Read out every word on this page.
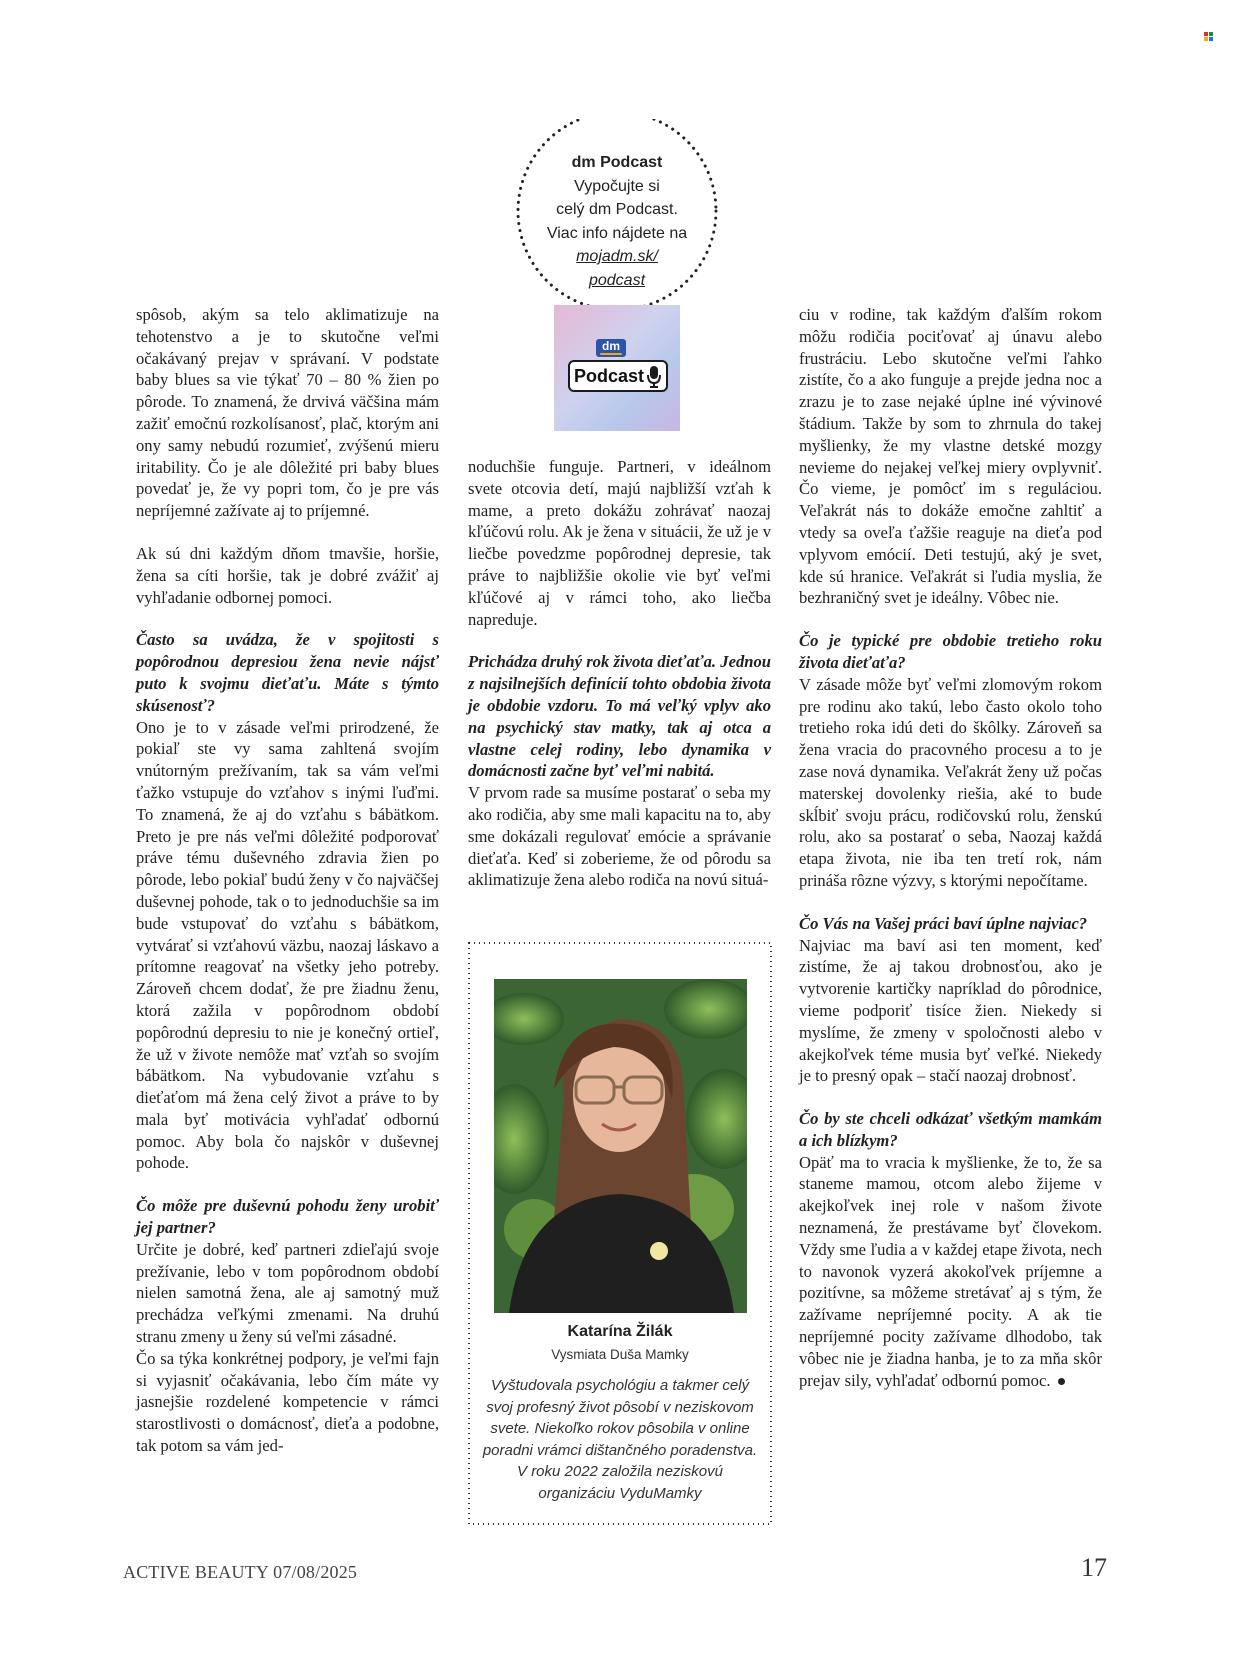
dm Podcast
Vypočujte si
celý dm Podcast.
Viac info nájdete na
mojadm.sk/
podcast
dm
Podcast

spôsob, akým sa telo aklimatizuje na tehotenstvo a je to skutočne veľmi očakávaný prejav v správaní. V podstate baby blues sa vie týkať 70 – 80 % žien po pôrode. To znamená, že drvivá väčšina mám zažiť emočnú rozkolísanosť, plač, ktorým ani ony samy nebudú rozumieť, zvýšenú mieru iritability. Čo je ale dôležité pri baby blues povedať je, že vy popri tom, čo je pre vás nepríjemné zažívate aj to príjemné.

Ak sú dni každým dňom tmavšie, horšie, žena sa cíti horšie, tak je dobré zvážiť aj vyhľadanie odbornej pomoci.

Často sa uvádza, že v spojitosti s popôrodnou depresiou žena nevie nájsť puto k svojmu dieťaťu. Máte s týmto skúsenosť?

Ono je to v zásade veľmi prirodzené, že pokiaľ ste vy sama zahltená svojím vnútorným prežívaním, tak sa vám veľmi ťažko vstupuje do vzťahov s inými ľuďmi. To znamená, že aj do vzťahu s bábätkom. Preto je pre nás veľmi dôležité podporovať práve tému duševného zdravia žien po pôrode, lebo pokiaľ budú ženy v čo najväčšej duševnej pohode, tak o to jednoduchšie sa im bude vstupovať do vzťahu s bábätkom, vytvárať si vzťahovú väzbu, naozaj láskavo a prítomne reagovať na všetky jeho potreby. Zároveň chcem dodať, že pre žiadnu ženu, ktorá zažila v popôrodnom období popôrodnú depresiu to nie je konečný ortieľ, že už v živote nemôže mať vzťah so svojím bábätkom. Na vybudovanie vzťahu s dieťaťom má žena celý život a práve to by mala byť motivácia vyhľadať odbornú pomoc. Aby bola čo najskôr v duševnej pohode.

Čo môže pre duševnú pohodu ženy urobiť jej partner?

Určite je dobré, keď partneri zdieľajú svoje prežívanie, lebo v tom popôrodnom období nielen samotná žena, ale aj samotný muž prechádza veľkými zmenami. Na druhú stranu zmeny u ženy sú veľmi zásadné.

Čo sa týka konkrétnej podpory, je veľmi fajn si vyjasniť očakávania, lebo čím máte vy jasnejšie rozdelené kompetencie v rámci starostlivosti o domácnosť, dieťa a podobne, tak potom sa vám jed-

noduchšie funguje. Partneri, v ideálnom svete otcovia detí, majú najbližší vzťah k mame, a preto dokážu zohrávať naozaj kľúčovú rolu. Ak je žena v situácii, že už je v liečbe povedzme popôrodnej depresie, tak práve to najbližšie okolie vie byť veľmi kľúčové aj v rámci toho, ako liečba napreduje.

Prichádza druhý rok života dieťaťa. Jednou z najsilnejších definícií tohto obdobia života je obdobie vzdoru. To má veľký vplyv ako na psychický stav matky, tak aj otca a vlastne celej rodiny, lebo dynamika v domácnosti začne byť veľmi nabitá.

V prvom rade sa musíme postarať o seba my ako rodičia, aby sme mali kapacitu na to, aby sme dokázali regulovať emócie a správanie dieťaťa. Keď si zoberieme, že od pôrodu sa aklimatizuje žena alebo rodiča na novú situá-

ciu v rodine, tak každým ďalším rokom môžu rodičia pociťovať aj únavu alebo frustráciu. Lebo skutočne veľmi ľahko zistíte, čo a ako funguje a prejde jedna noc a zrazu je to zase nejaké úplne iné vývinové štádium. Takže by som to zhrnula do takej myšlienky, že my vlastne detské mozgy nevieme do nejakej veľkej miery ovplyvniť. Čo vieme, je pomôcť im s reguláciou. Veľakrát nás to dokáže emočne zahltiť a vtedy sa oveľa ťažšie reaguje na dieťa pod vplyvom emócií. Deti testujú, aký je svet, kde sú hranice. Veľakrát si ľudia myslia, že bezhraničný svet je ideálny. Vôbec nie.

Čo je typické pre obdobie tretieho roku života dieťaťa?

V zásade môže byť veľmi zlomovým rokom pre rodinu ako takú, lebo často okolo toho tretieho roka idú deti do škôlky. Zároveň sa žena vracia do pracovného procesu a to je zase nová dynamika. Veľakrát ženy už počas materskej dovolenky riešia, aké to bude skĺbiť svoju prácu, rodičovskú rolu, ženskú rolu, ako sa postarať o seba, Naozaj každá etapa života, nie iba ten tretí rok, nám prináša rôzne výzvy, s ktorými nepočítame.

Čo Vás na Vašej práci baví úplne najviac?

Najviac ma baví asi ten moment, keď zistíme, že aj takou drobnosťou, ako je vytvorenie kartičky napríklad do pôrodnice, vieme podporiť tisíce žien. Niekedy si myslíme, že zmeny v spoločnosti alebo v akejkoľvek téme musia byť veľké. Niekedy je to presný opak – stačí naozaj drobnosť.

Čo by ste chceli odkázať všetkým mamkám a ich blízkym?

Opäť ma to vracia k myšlienke, že to, že sa staneme mamou, otcom alebo žijeme v akejkoľvek inej role v našom živote neznamená, že prestávame byť človekom. Vždy sme ľudia a v každej etape života, nech to navonok vyzerá akokoľvek príjemne a pozitívne, sa môžeme stretávať aj s tým, že zažívame nepríjemné pocity. A ak tie nepríjemné pocity zažívame dlhodobo, tak vôbec nie je žiadna hanba, je to za mňa skôr prejav sily, vyhľadať odbornú pomoc.

Katarína Žilák
Vysmiata Duša Mamky
Vyštudovala psychológiu a takmer celý svoj profesný život pôsobí v neziskovom svete. Niekoľko rokov pôsobila v online poradni vrámci dištančného poradenstva. V roku 2022 založila neziskovú organizáciu VyduMamky
ACTIVE BEAUTY 07/08/2025	17
